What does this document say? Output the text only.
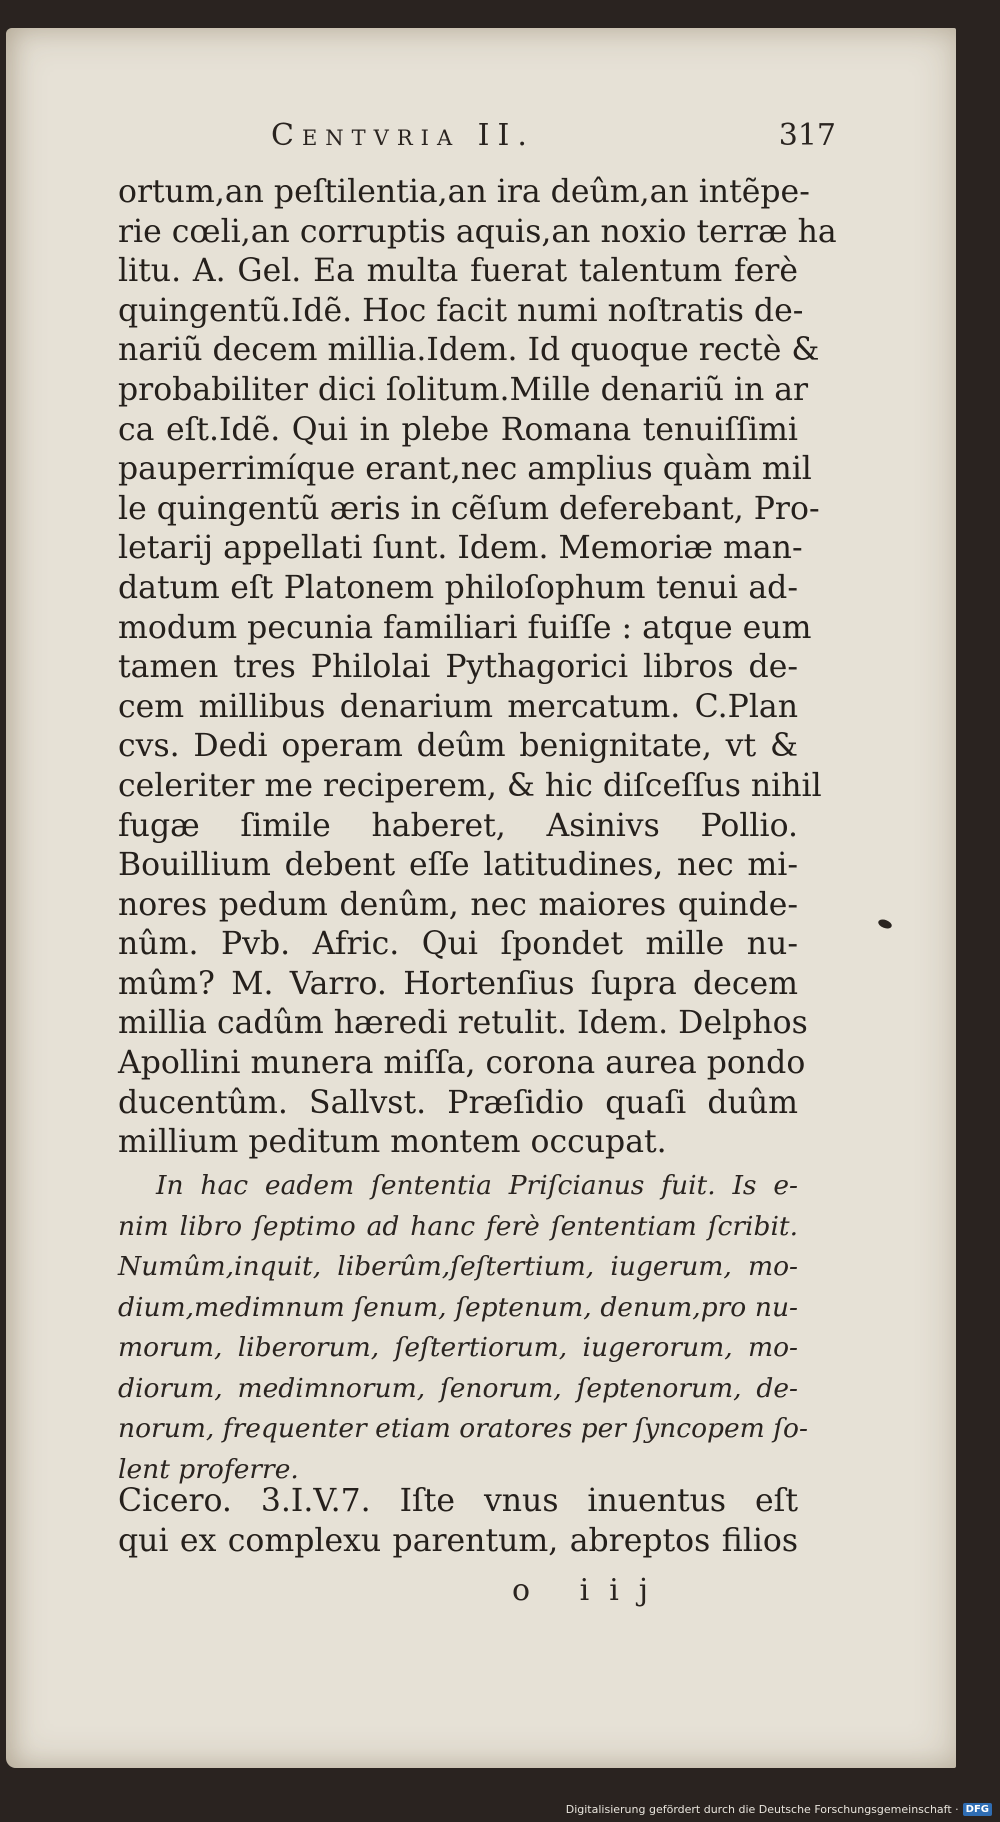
Centvria II.	317
ortum,an peſtilentia,an ira deûm,an intẽpe-
rie cœli,an corruptis aquis,an noxio terræ ha
litu. A. Gel. Ea multa fuerat talentum ferè
quingentũ.Idẽ. Hoc facit numi noſtratis de-
nariũ decem millia.Idem. Id quoque rectè &
probabiliter dici ſolitum.Mille denariũ in ar
ca eſt.Idẽ. Qui in plebe Romana tenuiſſimi
pauperrimíque erant,nec amplius quàm mil
le quingentũ æris in cẽſum deferebant, Pro-
letarij appellati ſunt. Idem. Memoriæ man-
datum eſt Platonem philoſophum tenui ad-
modum pecunia familiari fuiſſe : atque eum
tamen tres Philolai Pythagorici libros de-
cem millibus denarium mercatum. C.Plan
cvs. Dedi operam deûm benignitate, vt &
celeriter me reciperem, & hic diſceſſus nihil
fugæ ſimile haberet, Asinivs Pollio.
Bouillium debent eſſe latitudines, nec mi-
nores pedum denûm, nec maiores quinde-
nûm. Pvb. Afric. Qui ſpondet mille nu-
mûm? M. Varro. Hortenſius ſupra decem
millia cadûm hæredi retulit. Idem. Delphos
Apollini munera miſſa, corona aurea pondo
ducentûm. Sallvst. Præſidio quaſi duûm
millium peditum montem occupat.
In hac eadem ſententia Priſcianus fuit. Is e-
nim libro ſeptimo ad hanc ferè ſententiam ſcribit.
Numûm,inquit, liberûm,ſeſtertium, iugerum, mo-
dium,medimnum ſenum, ſeptenum, denum,pro nu-
morum, liberorum, ſeſtertiorum, iugerorum, mo-
diorum, medimnorum, ſenorum, ſeptenorum, de-
norum, frequenter etiam oratores per ſyncopem ſo-
lent proferre.
Cicero. 3.I.V.7. Iſte vnus inuentus eſt
qui ex complexu parentum, abreptos filios
o iij
Digitalisierung gefördert durch die Deutsche Forschungsgemeinschaft · DFG
